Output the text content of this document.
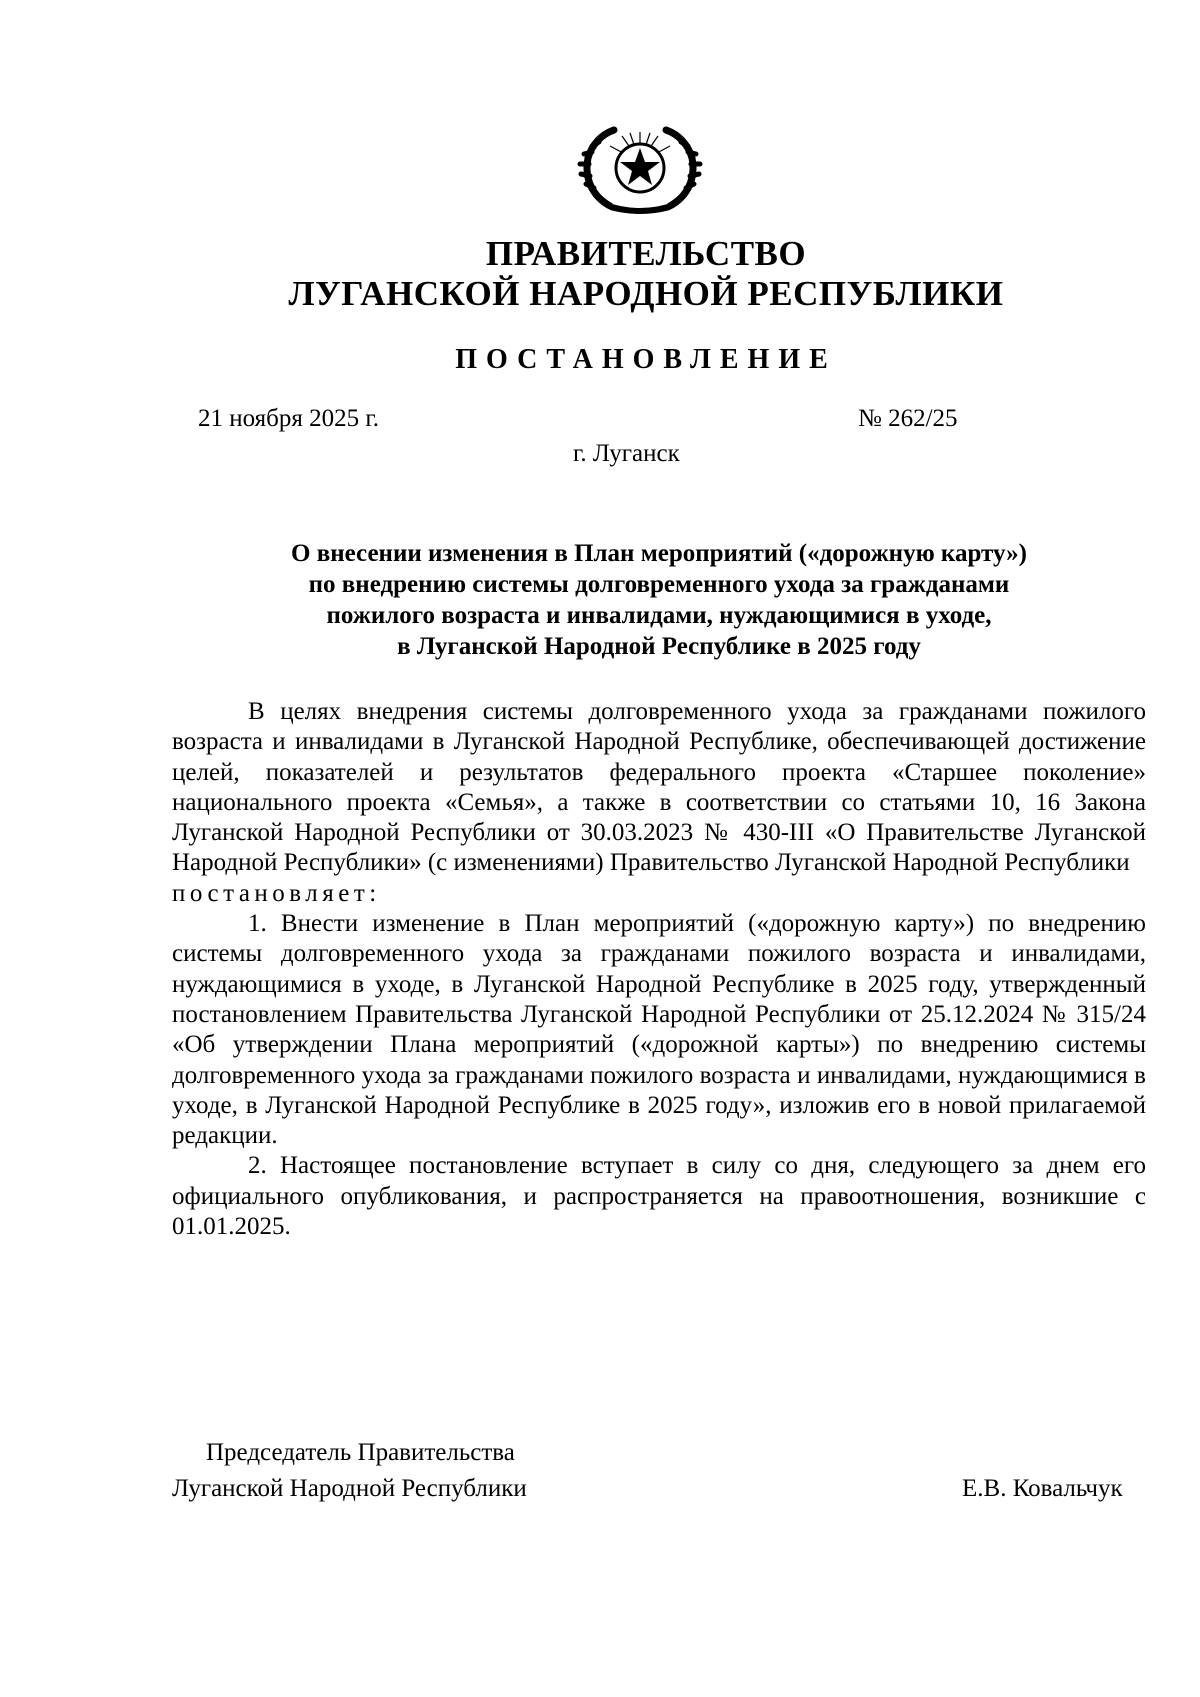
ПРАВИТЕЛЬСТВО
ЛУГАНСКОЙ НАРОДНОЙ РЕСПУБЛИКИ
ПОСТАНОВЛЕНИЕ
21 ноября 2025 г.	№ 262/25
г. Луганск
О внесении изменения в План мероприятий («дорожную карту»)
по внедрению системы долговременного ухода за гражданами
пожилого возраста и инвалидами, нуждающимися в уходе,
в Луганской Народной Республике в 2025 году

В целях внедрения системы долговременного ухода за гражданами пожилого возраста и инвалидами в Луганской Народной Республике, обеспечивающей достижение целей, показателей и результатов федерального проекта «Старшее поколение» национального проекта «Семья», а также в соответствии со статьями 10, 16 Закона Луганской Народной Республики от 30.03.2023 № 430-III «О Правительстве Луганской Народной Республики» (с изменениями) Правительство Луганской Народной Республики

постановляет:

1. Внести изменение в План мероприятий («дорожную карту») по внедрению системы долговременного ухода за гражданами пожилого возраста и инвалидами, нуждающимися в уходе, в Луганской Народной Республике в 2025 году, утвержденный постановлением Правительства Луганской Народной Республики от 25.12.2024 № 315/24 «Об утверждении Плана мероприятий («дорожной карты») по внедрению системы долговременного ухода за гражданами пожилого возраста и инвалидами, нуждающимися в уходе, в Луганской Народной Республике в 2025 году», изложив его в новой прилагаемой редакции.

2. Настоящее постановление вступает в силу со дня, следующего за днем его официального опубликования, и распространяется на правоотношения, возникшие с 01.01.2025.

Председатель Правительства
Луганской Народной Республики	Е.В. Ковальчук
